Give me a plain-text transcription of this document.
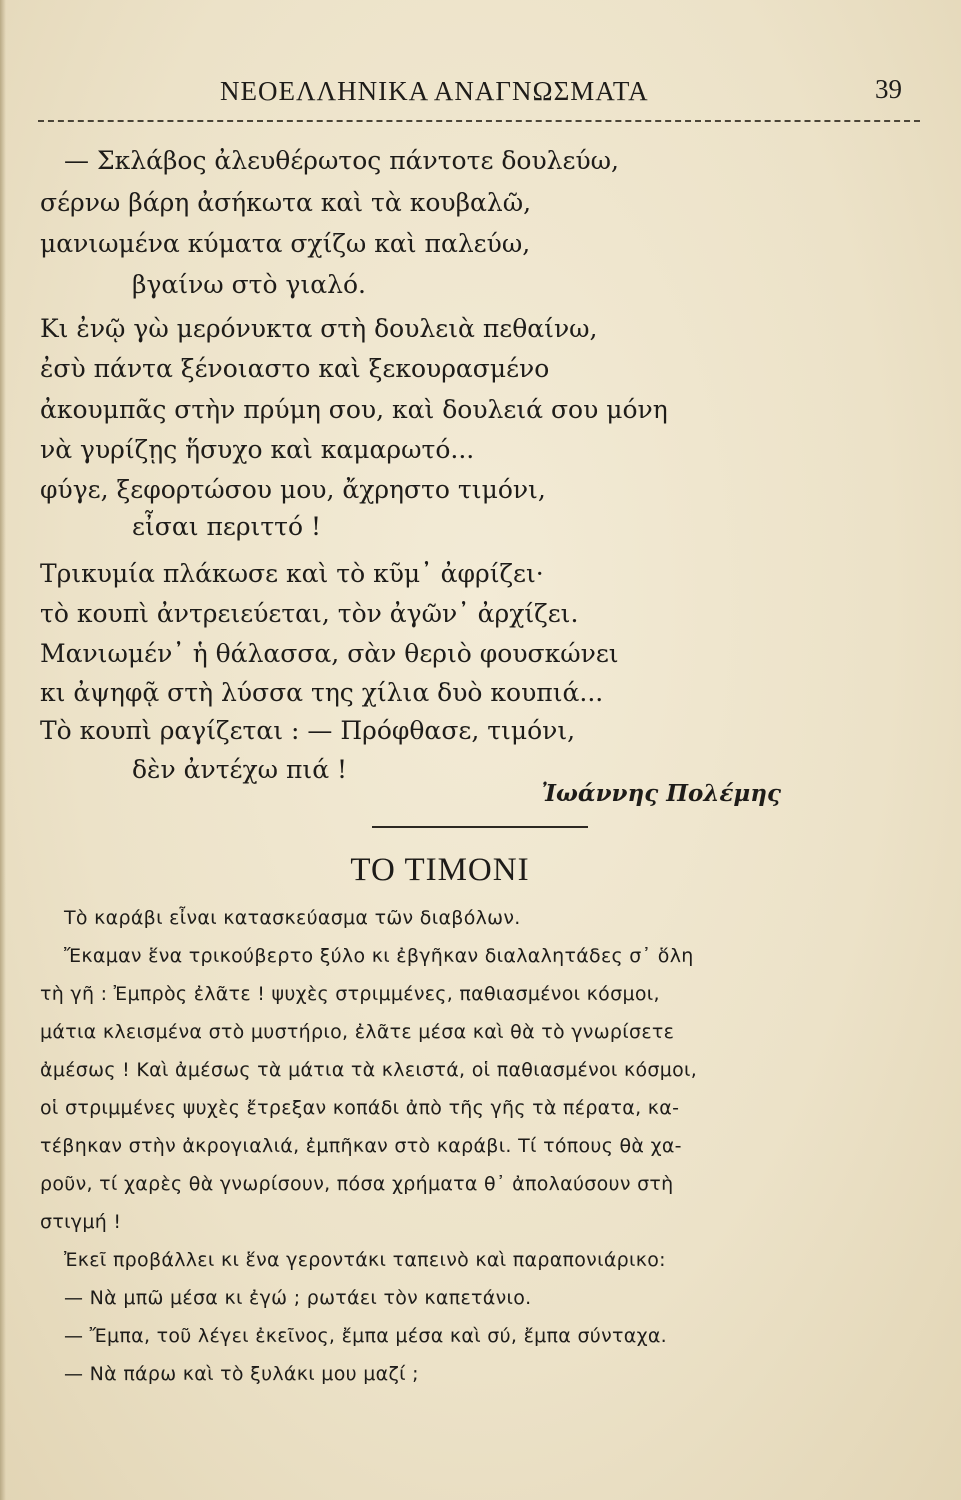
ΝΕΟΕΛΛΗΝΙΚΑ ΑΝΑΓΝΩΣΜΑΤΑ	39
— Σκλάβος ἀλευθέρωτος πάντοτε δουλεύω,
σέρνω βάρη ἀσήκωτα καὶ τὰ κουβαλῶ,
μανιωμένα κύματα σχίζω καὶ παλεύω,
βγαίνω στὸ γιαλό.
Κι ἐνῷ γὼ μερόνυκτα στὴ δουλειὰ πεθαίνω,
ἐσὺ πάντα ξένοιαστο καὶ ξεκουρασμένο
ἀκουμπᾶς στὴν πρύμη σου, καὶ δουλειά σου μόνη
νὰ γυρίζῃς ἥσυχο καὶ καμαρωτό...
φύγε, ξεφορτώσου μου, ἄχρηστο τιμόνι,
εἶσαι περιττό !
Τρικυμία πλάκωσε καὶ τὸ κῦμ᾽ ἀφρίζει·
τὸ κουπὶ ἀντρειεύεται, τὸν ἀγῶν᾽ ἀρχίζει.
Μανιωμέν᾽ ἡ θάλασσα, σὰν θεριὸ φουσκώνει
κι ἀψηφᾷ στὴ λύσσα της χίλια δυὸ κουπιά...
Τὸ κουπὶ ραγίζεται : — Πρόφθασε, τιμόνι,
δὲν ἀντέχω πιά !
Ἰωάννης Πολέμης
ΤΟ ΤΙΜΟΝΙ
Τὸ καράβι εἶναι κατασκεύασμα τῶν διαβόλων.
Ἔκαμαν ἕνα τρικούβερτο ξύλο κι ἐβγῆκαν διαλαλητάδες σ᾽ ὅλη
τὴ γῆ : Ἐμπρὸς ἐλᾶτε ! ψυχὲς στριμμένες, παθιασμένοι κόσμοι,
μάτια κλεισμένα στὸ μυστήριο, ἐλᾶτε μέσα καὶ θὰ τὸ γνωρίσετε
ἀμέσως ! Καὶ ἀμέσως τὰ μάτια τὰ κλειστά, οἱ παθιασμένοι κόσμοι,
οἱ στριμμένες ψυχὲς ἔτρεξαν κοπάδι ἀπὸ τῆς γῆς τὰ πέρατα, κα-
τέβηκαν στὴν ἀκρογιαλιά, ἐμπῆκαν στὸ καράβι. Τί τόπους θὰ χα-
ροῦν, τί χαρὲς θὰ γνωρίσουν, πόσα χρήματα θ᾽ ἀπολαύσουν στὴ
στιγμή !
Ἐκεῖ προβάλλει κι ἕνα γεροντάκι ταπεινὸ καὶ παραπονιάρικο:
— Νὰ μπῶ μέσα κι ἐγώ ; ρωτάει τὸν καπετάνιο.
— Ἔμπα, τοῦ λέγει ἐκεῖνος, ἔμπα μέσα καὶ σύ, ἔμπα σύνταχα.
— Νὰ πάρω καὶ τὸ ξυλάκι μου μαζί ;
